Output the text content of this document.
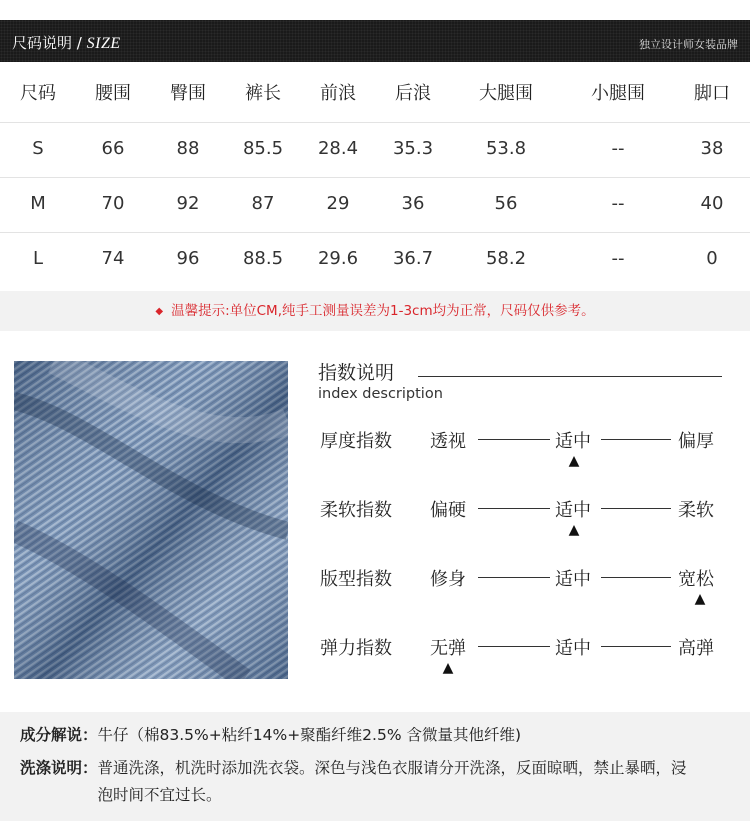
尺码说明 / SIZE	独立设计师女装品牌
尺码 腰围 臀围 裤长 前浪 后浪	大腿围	小腿围	脚口
S	66	88 85.5 28.4 35.3	53.8	--	38
M	70	92	87	29	36	56	--	40
L	74	96 88.5 29.6 36.7	58.2	--	0
◆ 温馨提示:单位CM,纯手工测量误差为1-3cm均为正常，尺码仅供参考。
指数说明
index description
厚度指数 透视	适中	偏厚
▲
柔软指数 偏硬	适中	柔软
▲
版型指数 修身	适中	宽松
▲
弹力指数 无弹	适中	高弹
▲
成分解说：牛仔（棉83.5%+粘纤14%+聚酯纤维2.5% 含微量其他纤维)
洗涤说明：普通洗涤，机洗时添加洗衣袋。深色与浅色衣服请分开洗涤，反面晾晒，禁止暴晒，浸泡时间不宜过长。
